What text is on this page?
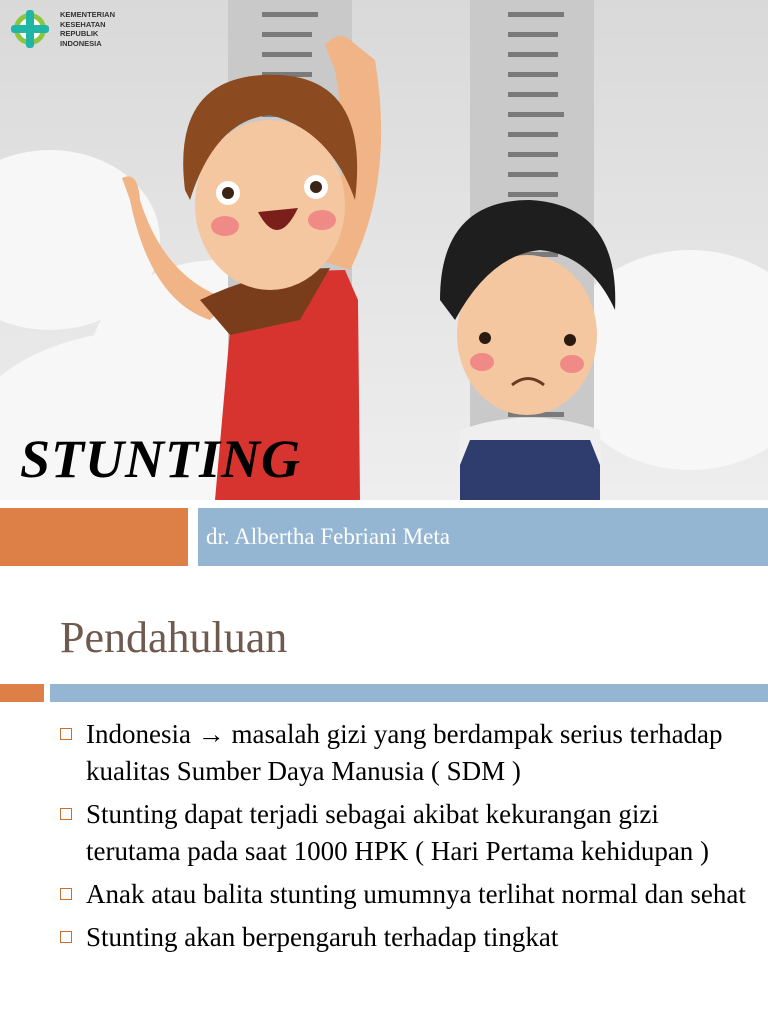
KEMENTERIAN
KESEHATAN
REPUBLIK
INDONESIA
STUNTING
dr. Albertha Febriani Meta
Pendahuluan
Indonesia → masalah gizi yang berdampak serius terhadap kualitas Sumber Daya Manusia ( SDM )
Stunting dapat terjadi sebagai akibat kekurangan gizi terutama pada saat 1000 HPK ( Hari Pertama kehidupan )
Anak atau balita stunting umumnya terlihat normal dan sehat
Stunting akan berpengaruh terhadap tingkat
